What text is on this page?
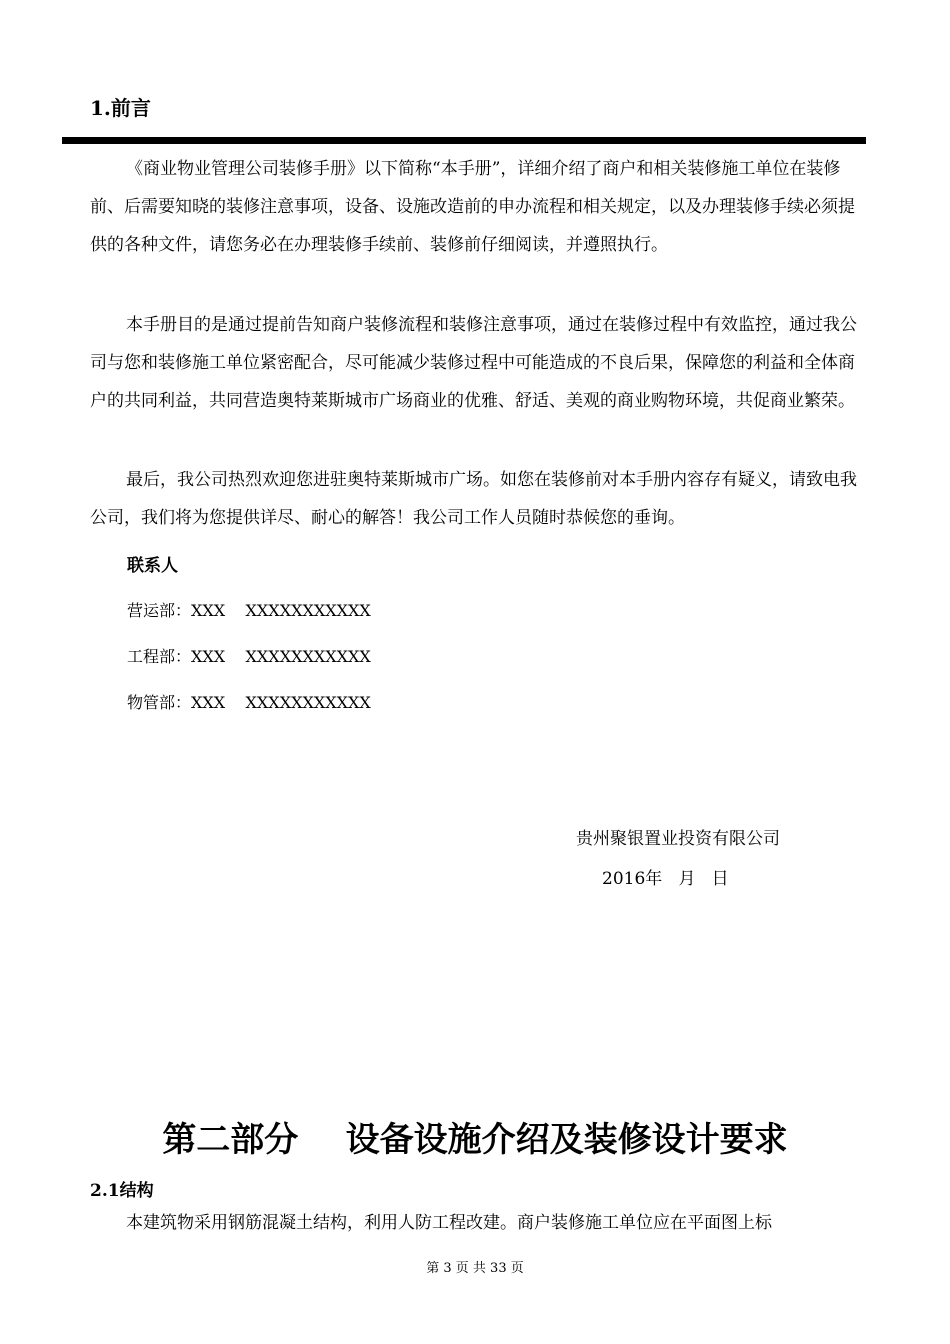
1.前言

《商业物业管理公司装修手册》以下简称“本手册”，详细介绍了商户和相关装修施工单位在装修前、后需要知晓的装修注意事项，设备、设施改造前的申办流程和相关规定，以及办理装修手续必须提供的各种文件，请您务必在办理装修手续前、装修前仔细阅读，并遵照执行。

本手册目的是通过提前告知商户装修流程和装修注意事项，通过在装修过程中有效监控，通过我公司与您和装修施工单位紧密配合，尽可能减少装修过程中可能造成的不良后果，保障您的利益和全体商户的共同利益，共同营造奥特莱斯城市广场商业的优雅、舒适、美观的商业购物环境，共促商业繁荣。

最后，我公司热烈欢迎您进驻奥特莱斯城市广场。如您在装修前对本手册内容存有疑义，请致电我公司，我们将为您提供详尽、耐心的解答！我公司工作人员随时恭候您的垂询。

联系人
营运部：XXX    XXXXXXXXXXX
工程部：XXX    XXXXXXXXXXX
物管部：XXX    XXXXXXXXXXX
贵州聚银置业投资有限公司
2016年   月   日
第二部分    设备设施介绍及装修设计要求
2.1结构

本建筑物采用钢筋混凝土结构，利用人防工程改建。商户装修施工单位应在平面图上标

第 3 页 共 33 页
